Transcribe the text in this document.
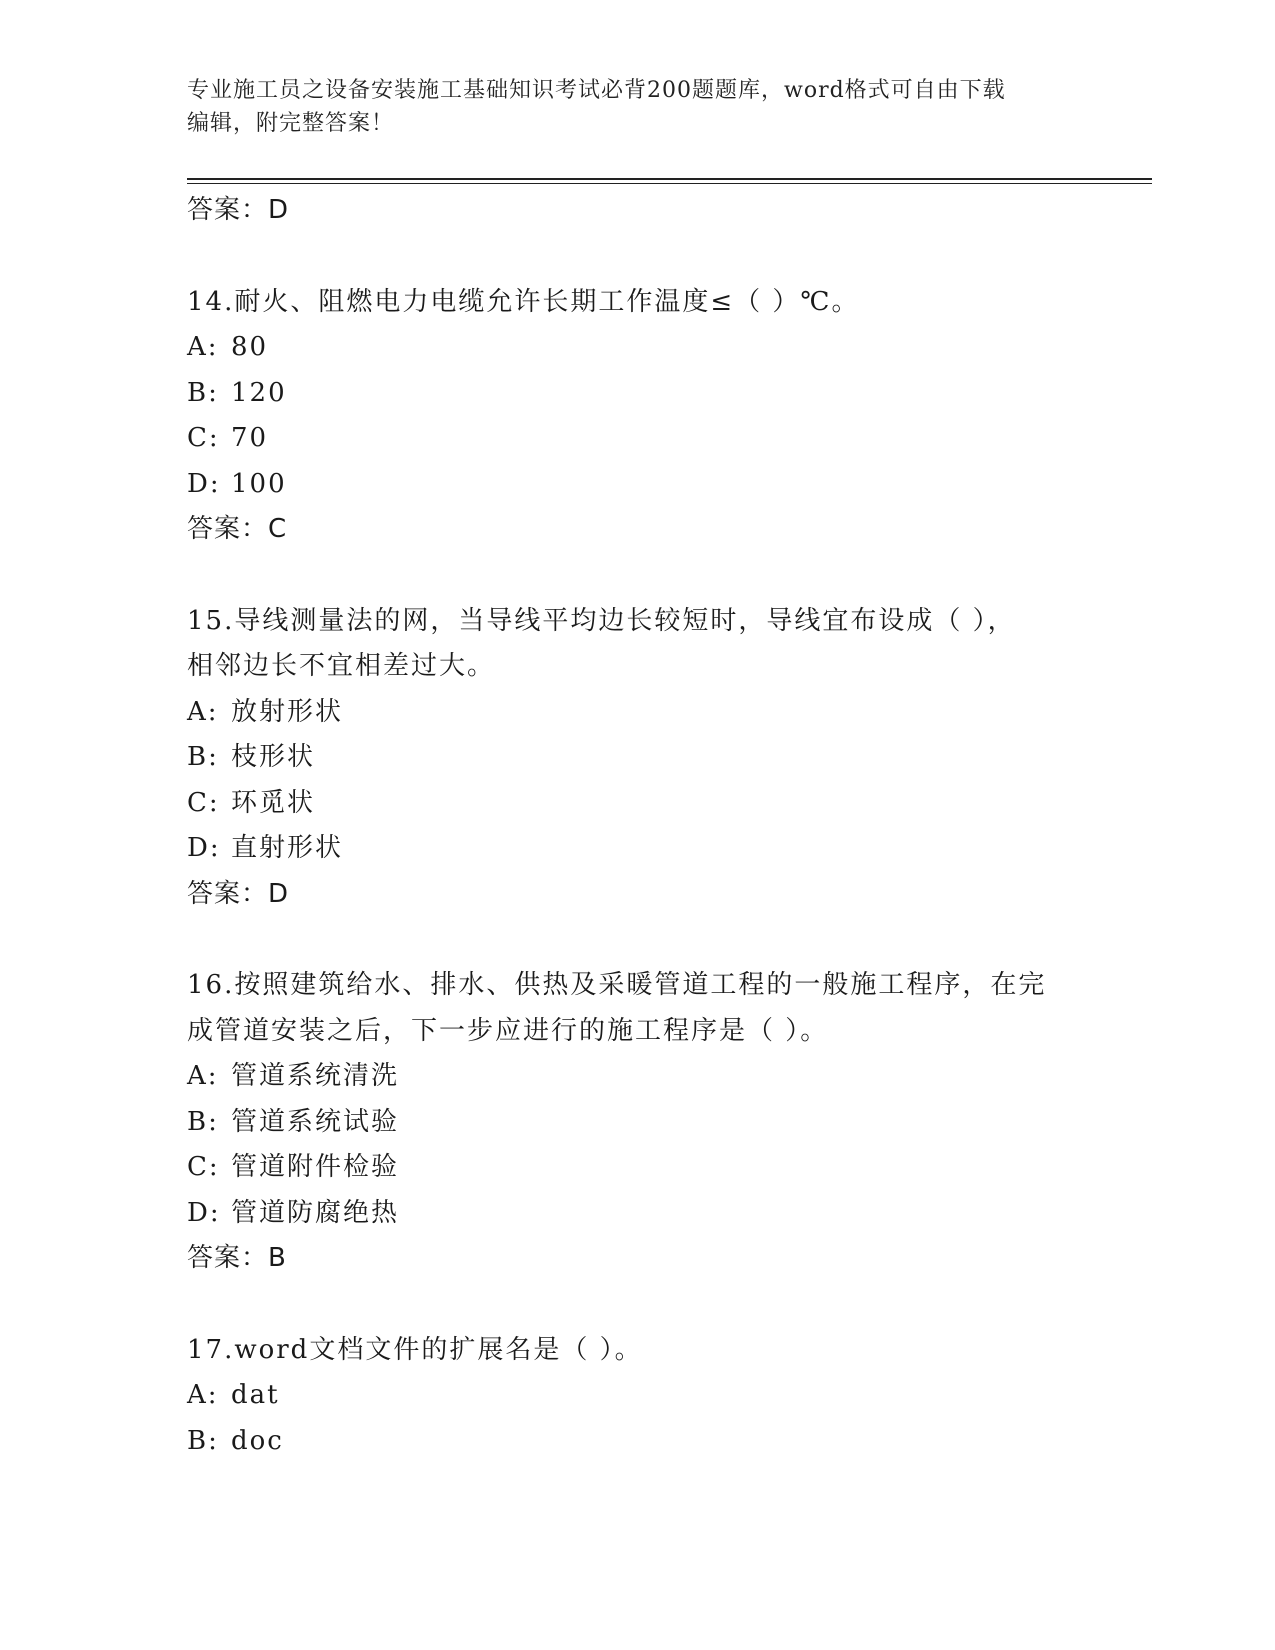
专业施工员之设备安装施工基础知识考试必背200题题库，word格式可自由下载
编辑，附完整答案！
答案：D
14.耐火、阻燃电力电缆允许长期工作温度≤（ ）℃。
A: 80
B: 120
C: 70
D: 100
答案：C
15.导线测量法的网，当导线平均边长较短时，导线宜布设成（ ），
相邻边长不宜相差过大。
A: 放射形状
B: 枝形状
C: 环觅状
D: 直射形状
答案：D
16.按照建筑给水、排水、供热及采暖管道工程的一般施工程序，在完
成管道安装之后，下一步应进行的施工程序是（ ）。
A: 管道系统清洗
B: 管道系统试验
C: 管道附件检验
D: 管道防腐绝热
答案：B
17.word文档文件的扩展名是（ ）。
A: dat
B: doc
